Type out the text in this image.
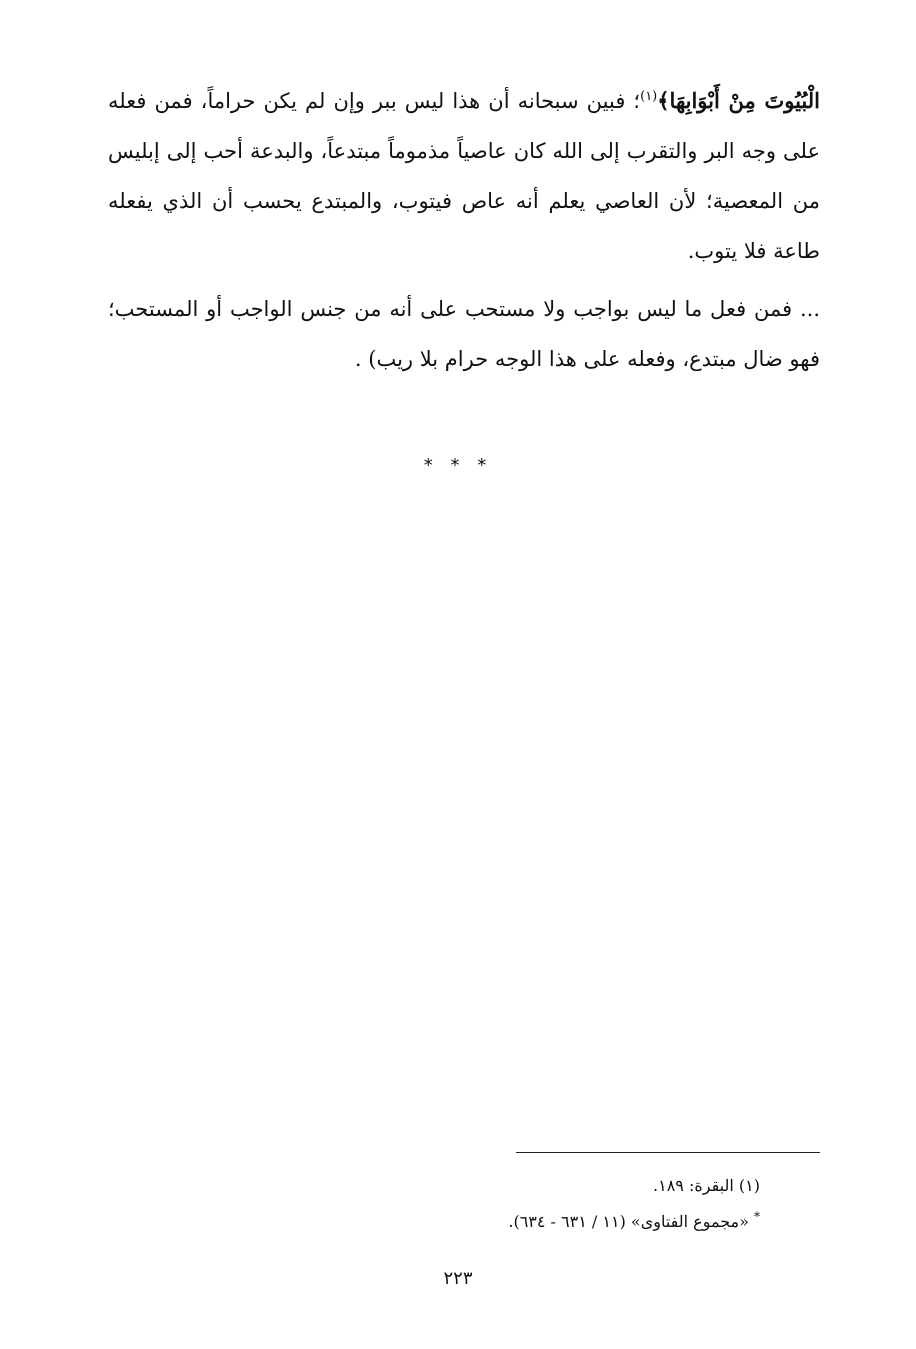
الْبُيُوتَ مِنْ أَبْوَابِهَا﴾$^{(١)}$؛ فبين سبحانه أن هذا ليس ببر وإن لم يكن حراماً، فمن فعله على وجه البر والتقرب إلى الله كان عاصياً مذموماً مبتدعاً، والبدعة أحب إلى إبليس من المعصية؛ لأن العاصي يعلم أنه عاص فيتوب، والمبتدع يحسب أن الذي يفعله طاعة فلا يتوب.

... فمن فعل ما ليس بواجب ولا مستحب على أنه من جنس الواجب أو المستحب؛ فهو ضال مبتدع، وفعله على هذا الوجه حرام بلا ريب) .

* * *

(١) البقرة: ١٨٩.

* «مجموع الفتاوى» (١١ / ٦٣١ - ٦٣٤).

٢٢٣
